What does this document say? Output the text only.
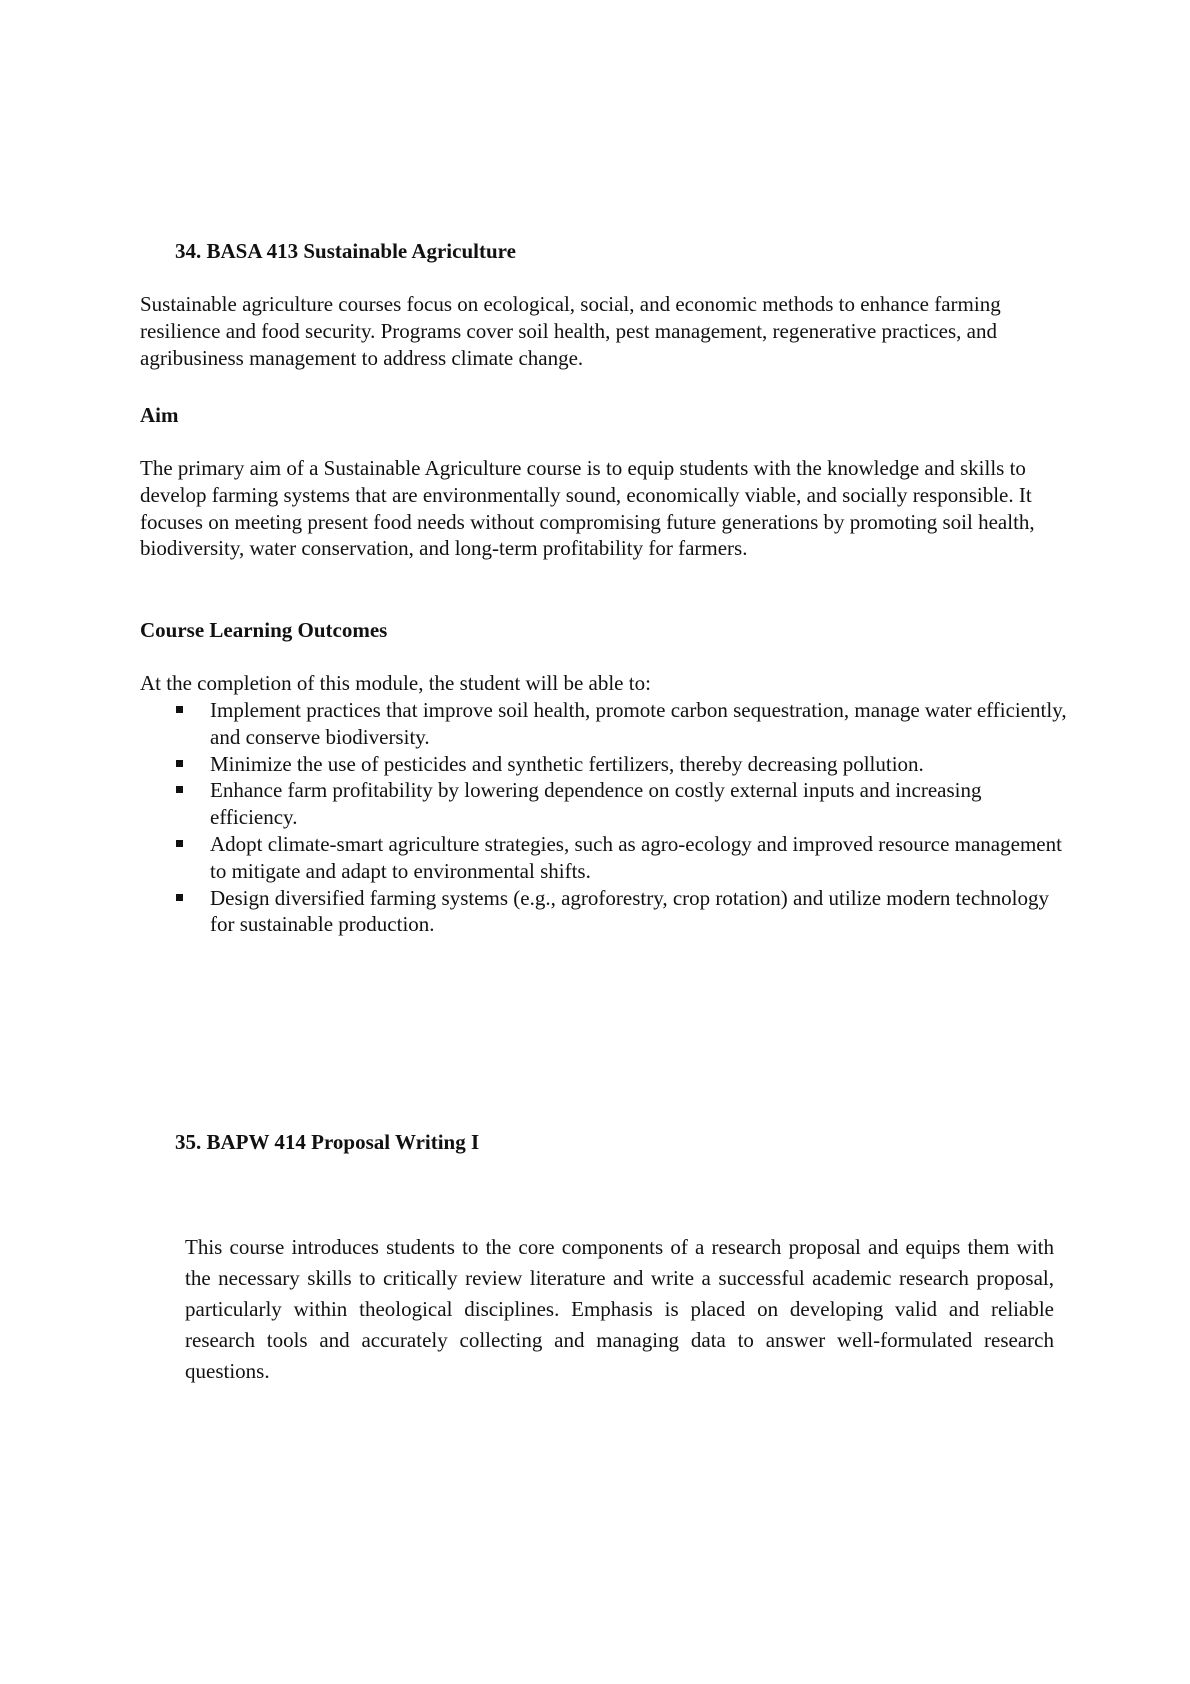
34. BASA 413 Sustainable Agriculture
Sustainable agriculture courses focus on ecological, social, and economic methods to enhance farming resilience and food security. Programs cover soil health, pest management, regenerative practices, and agribusiness management to address climate change.
Aim
The primary aim of a Sustainable Agriculture course is to equip students with the knowledge and skills to develop farming systems that are environmentally sound, economically viable, and socially responsible. It focuses on meeting present food needs without compromising future generations by promoting soil health, biodiversity, water conservation, and long-term profitability for farmers.
Course Learning Outcomes
At the completion of this module, the student will be able to:
Implement practices that improve soil health, promote carbon sequestration, manage water efficiently, and conserve biodiversity.
Minimize the use of pesticides and synthetic fertilizers, thereby decreasing pollution.
Enhance farm profitability by lowering dependence on costly external inputs and increasing efficiency.
Adopt climate-smart agriculture strategies, such as agro-ecology and improved resource management to mitigate and adapt to environmental shifts.
Design diversified farming systems (e.g., agroforestry, crop rotation) and utilize modern technology for sustainable production.
35. BAPW 414 Proposal Writing I
This course introduces students to the core components of a research proposal and equips them with the necessary skills to critically review literature and write a successful academic research proposal, particularly within theological disciplines. Emphasis is placed on developing valid and reliable research tools and accurately collecting and managing data to answer well-formulated research questions.
